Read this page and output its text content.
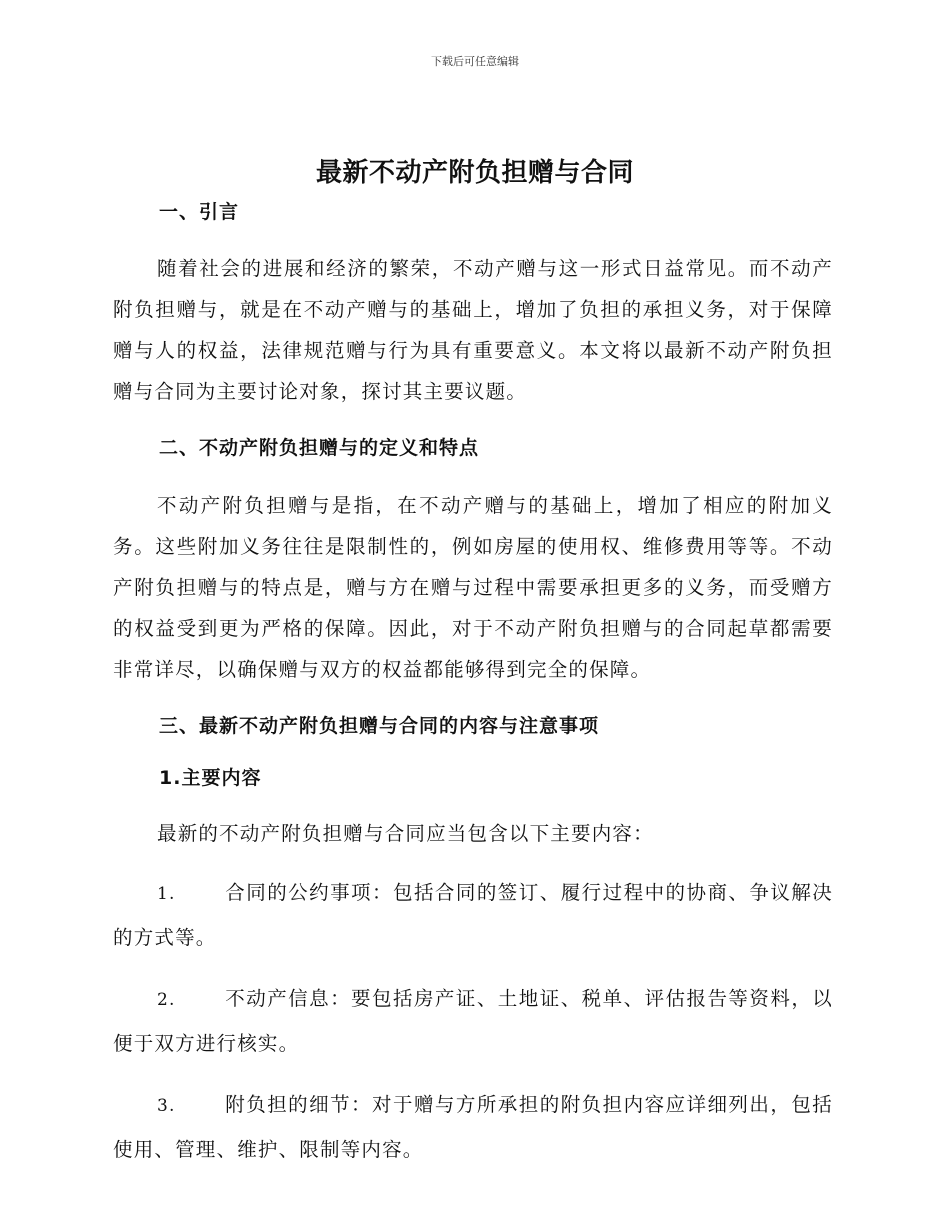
下载后可任意编辑
最新不动产附负担赠与合同

一、引言

随着社会的进展和经济的繁荣，不动产赠与这一形式日益常见。而不动产附负担赠与，就是在不动产赠与的基础上，增加了负担的承担义务，对于保障赠与人的权益，法律规范赠与行为具有重要意义。本文将以最新不动产附负担赠与合同为主要讨论对象，探讨其主要议题。

二、不动产附负担赠与的定义和特点

不动产附负担赠与是指，在不动产赠与的基础上，增加了相应的附加义务。这些附加义务往往是限制性的，例如房屋的使用权、维修费用等等。不动产附负担赠与的特点是，赠与方在赠与过程中需要承担更多的义务，而受赠方的权益受到更为严格的保障。因此，对于不动产附负担赠与的合同起草都需要非常详尽，以确保赠与双方的权益都能够得到完全的保障。

三、最新不动产附负担赠与合同的内容与注意事项

1.主要内容

最新的不动产附负担赠与合同应当包含以下主要内容：

1.	合同的公约事项：包括合同的签订、履行过程中的协商、争议解决的方式等。

2.	不动产信息：要包括房产证、土地证、税单、评估报告等资料，以便于双方进行核实。

3.	附负担的细节：对于赠与方所承担的附负担内容应详细列出，包括使用、管理、维护、限制等内容。
